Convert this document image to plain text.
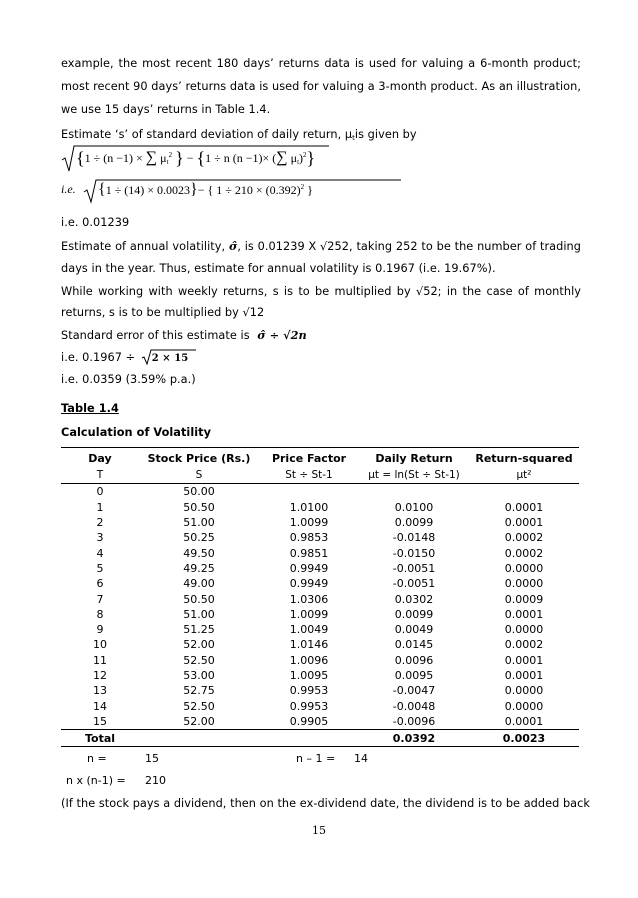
example, the most recent 180 days’ returns data is used for valuing a 6-month product;
most recent 90 days’ returns data is used for valuing a 3-month product. As an illustration,
we use 15 days’ returns in Table 1.4.
Estimate ‘s’ of standard deviation of daily return, $\mu_tis$ given by
{1 ÷ (n −1) × ∑ $\mu_t^2$ } − {1 ÷ n (n −1)× (∑ $\mu_t)^2$}
i.e. {1 ÷ (14) × 0.0023}− { $1 \div 210 \times (0.392)^2$ }
i.e. 0.01239
Estimate of annual volatility, σ̂, is 0.01239 X √252, taking 252 to be the number of trading
days in the year. Thus, estimate for annual volatility is 0.1967 (i.e. 19.67%).
While working with weekly returns, s is to be multiplied by √52; in the case of monthly
returns, s is to be multiplied by √12
Standard error of this estimate is σ̂ ÷ √2n
i.e. 0.1967 ÷ 2 × 15
i.e. 0.0359 (3.59% p.a.)
Table 1.4
Calculation of Volatility
Day	Stock Price (Rs.)	Price Factor	Daily Return	Return-squared
T	S	St ÷ St-1	μt = ln(St ÷ St-1)	μt²
0	50.00			
1	50.50	1.0100	0.0100	0.0001
2	51.00	1.0099	0.0099	0.0001
3	50.25	0.9853	-0.0148	0.0002
4	49.50	0.9851	-0.0150	0.0002
5	49.25	0.9949	-0.0051	0.0000
6	49.00	0.9949	-0.0051	0.0000
7	50.50	1.0306	0.0302	0.0009
8	51.00	1.0099	0.0099	0.0001
9	51.25	1.0049	0.0049	0.0000
10	52.00	1.0146	0.0145	0.0002
11	52.50	1.0096	0.0096	0.0001
12	53.00	1.0095	0.0095	0.0001
13	52.75	0.9953	-0.0047	0.0000
14	52.50	0.9953	-0.0048	0.0000
15	52.00	0.9905	-0.0096	0.0001
Total			0.0392	0.0023
n =	15	n – 1 = 14
n x (n-1) = 210
(If the stock pays a dividend, then on the ex-dividend date, the dividend is to be added back
15
